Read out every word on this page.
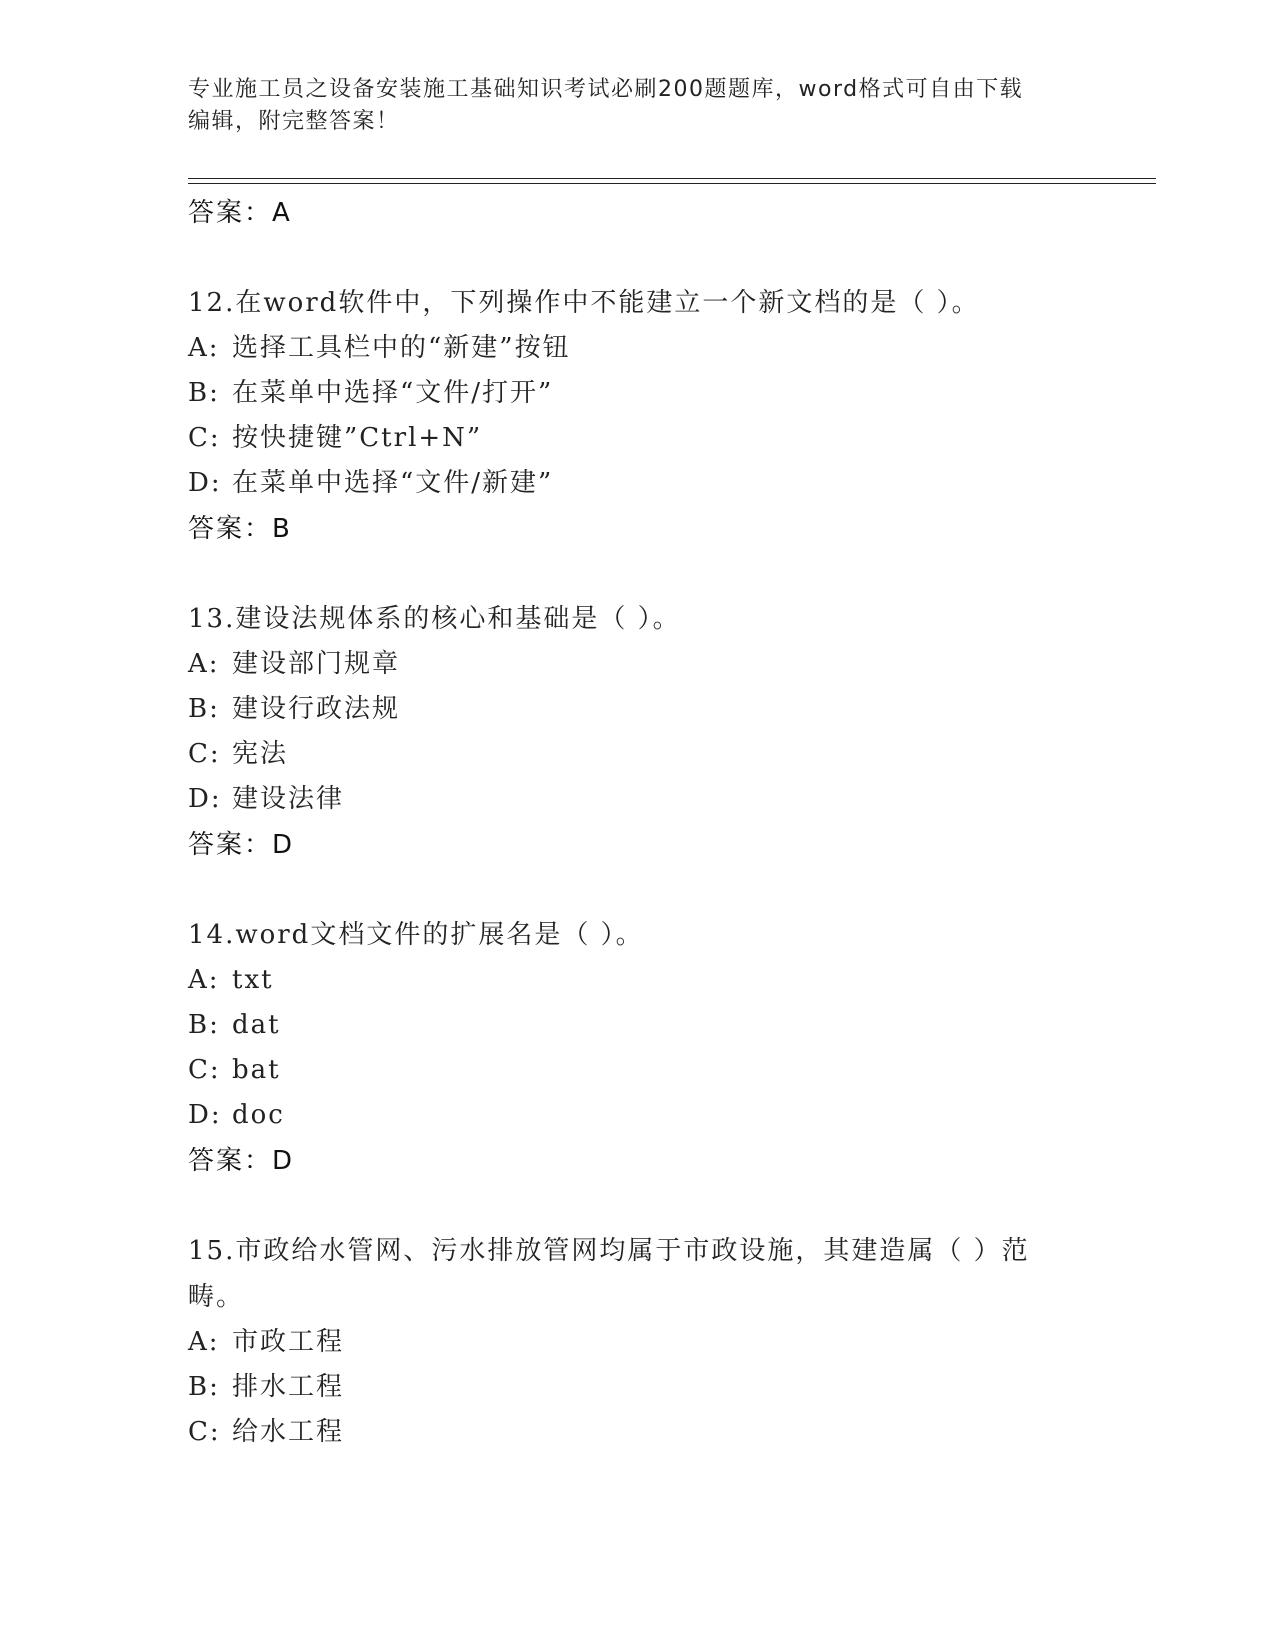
专业施工员之设备安装施工基础知识考试必刷200题题库，word格式可自由下载
编辑，附完整答案！
答案：A
12.在word软件中，下列操作中不能建立一个新文档的是（ ）。
A: 选择工具栏中的“新建”按钮
B: 在菜单中选择“文件/打开”
C: 按快捷键”Ctrl+N”
D: 在菜单中选择“文件/新建”
答案：B
13.建设法规体系的核心和基础是（ ）。
A: 建设部门规章
B: 建设行政法规
C: 宪法
D: 建设法律
答案：D
14.word文档文件的扩展名是（ ）。
A: txt
B: dat
C: bat
D: doc
答案：D
15.市政给水管网、污水排放管网均属于市政设施，其建造属（ ）范
畴。
A: 市政工程
B: 排水工程
C: 给水工程
